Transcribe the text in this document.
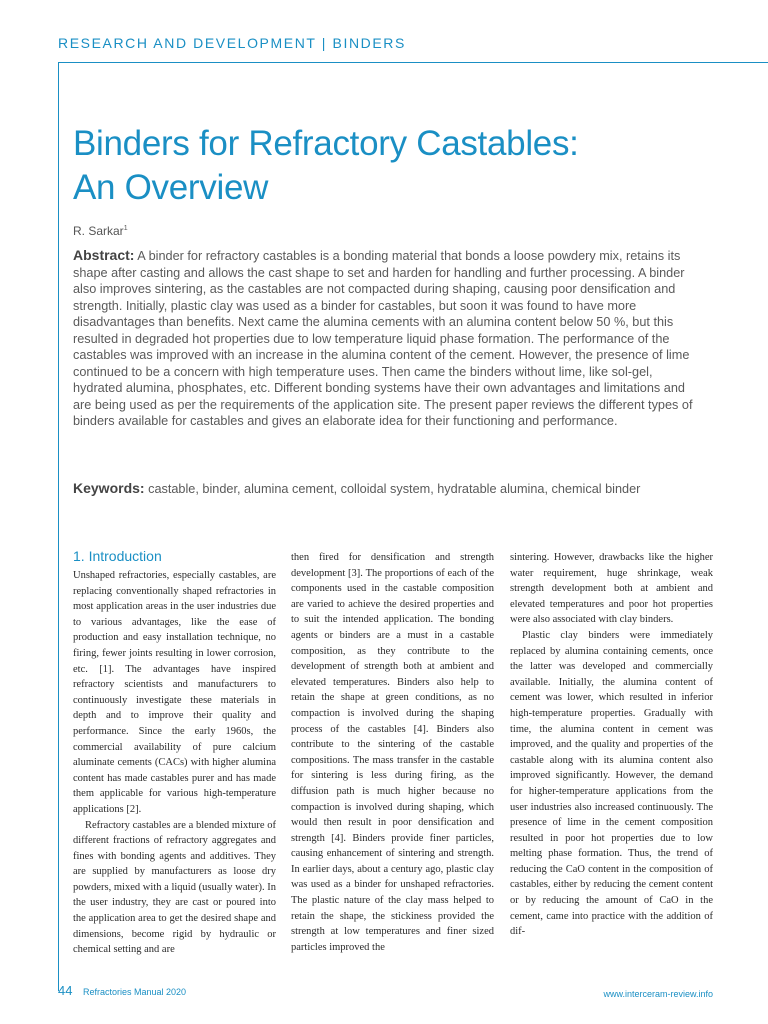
RESEARCH AND DEVELOPMENT | BINDERS
Binders for Refractory Castables:
An Overview
R. Sarkar$^1$

Abstract: A binder for refractory castables is a bonding material that bonds a loose powdery mix, retains its shape after casting and allows the cast shape to set and harden for handling and further processing. A binder also improves sintering, as the castables are not compacted during shaping, causing poor densification and strength. Initially, plastic clay was used as a binder for castables, but soon it was found to have more disadvantages than benefits. Next came the alumina cements with an alumina content below 50 %, but this resulted in degraded hot properties due to low temperature liquid phase formation. The performance of the castables was improved with an increase in the alumina content of the cement. However, the presence of lime continued to be a concern with high temperature uses. Then came the binders without lime, like sol-gel, hydrated alumina, phosphates, etc. Different bonding systems have their own advantages and limitations and are being used as per the requirements of the application site. The present paper reviews the different types of binders available for castables and gives an elaborate idea for their functioning and performance.

Keywords: castable, binder, alumina cement, colloidal system, hydratable alumina, chemical binder

1. Introduction

Unshaped refractories, especially castables, are replacing conventionally shaped refractories in most application areas in the user industries due to various advantages, like the ease of production and easy installation technique, no firing, fewer joints resulting in lower corrosion, etc. [1]. The advantages have inspired refractory scientists and manufacturers to continuously investigate these materials in depth and to improve their quality and performance. Since the early 1960s, the commercial availability of pure calcium aluminate cements (CACs) with higher alumina content has made castables purer and has made them applicable for various high-temperature applications [2].

Refractory castables are a blended mixture of different fractions of refractory aggregates and fines with bonding agents and additives. They are supplied by manufacturers as loose dry powders, mixed with a liquid (usually water). In the user industry, they are cast or poured into the application area to get the desired shape and dimensions, become rigid by hydraulic or chemical setting and are

then fired for densification and strength development [3]. The proportions of each of the components used in the castable composition are varied to achieve the desired properties and to suit the intended application. The bonding agents or binders are a must in a castable composition, as they contribute to the development of strength both at ambient and elevated temperatures. Binders also help to retain the shape at green conditions, as no compaction is involved during the shaping process of the castables [4]. Binders also contribute to the sintering of the castable compositions. The mass transfer in the castable for sintering is less during firing, as the diffusion path is much higher because no compaction is involved during shaping, which would then result in poor densification and strength [4]. Binders provide finer particles, causing enhancement of sintering and strength. In earlier days, about a century ago, plastic clay was used as a binder for unshaped refractories. The plastic nature of the clay mass helped to retain the shape, the stickiness provided the strength at low temperatures and finer sized particles improved the

sintering. However, drawbacks like the higher water requirement, huge shrinkage, weak strength development both at ambient and elevated temperatures and poor hot properties were also associated with clay binders.

Plastic clay binders were immediately replaced by alumina containing cements, once the latter was developed and commercially available. Initially, the alumina content of cement was lower, which resulted in inferior high-temperature properties. Gradually with time, the alumina content in cement was improved, and the quality and properties of the castable along with its alumina content also improved significantly. However, the demand for higher-temperature applications from the user industries also increased continuously. The presence of lime in the cement composition resulted in poor hot properties due to low melting phase formation. Thus, the trend of reducing the CaO content in the composition of castables, either by reducing the cement content or by reducing the amount of CaO in the cement, came into practice with the addition of dif-

44 Refractories Manual 2020	www.interceram-review.info
